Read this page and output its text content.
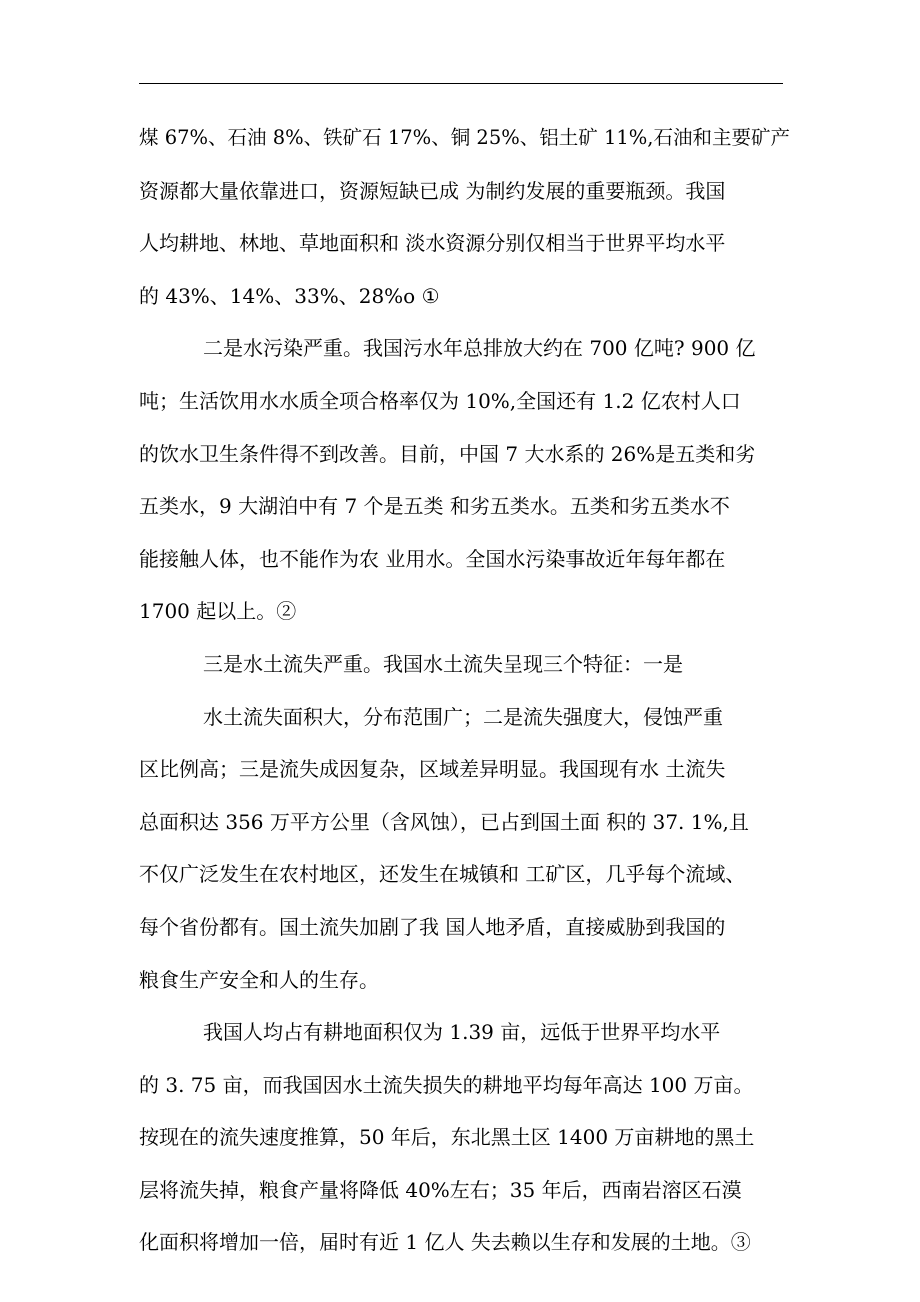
煤 67%、石油 8%、铁矿石 17%、铜 25%、铝土矿 11%,石油和主要矿产
资源都大量依靠进口，资源短缺已成 为制约发展的重要瓶颈。我国
人均耕地、林地、草地面积和 淡水资源分别仅相当于世界平均水平
的 43%、14%、33%、28%o ①
二是水污染严重。我国污水年总排放大约在 700 亿吨? 900 亿
吨；生活饮用水水质全项合格率仅为 10%,全国还有 1.2 亿农村人口
的饮水卫生条件得不到改善。目前，中国 7 大水系的 26%是五类和劣
五类水，9 大湖泊中有 7 个是五类 和劣五类水。五类和劣五类水不
能接触人体，也不能作为农 业用水。全国水污染事故近年每年都在
1700 起以上。②
三是水土流失严重。我国水土流失呈现三个特征：一是
水土流失面积大，分布范围广；二是流失强度大，侵蚀严重
区比例高；三是流失成因复杂，区域差异明显。我国现有水 土流失
总面积达 356 万平方公里（含风蚀），已占到国土面 积的 37. 1%,且
不仅广泛发生在农村地区，还发生在城镇和 工矿区，几乎每个流域、
每个省份都有。国土流失加剧了我 国人地矛盾，直接威胁到我国的
粮食生产安全和人的生存。
我国人均占有耕地面积仅为 1.39 亩，远低于世界平均水平
的 3. 75 亩，而我国因水土流失损失的耕地平均每年高达 100 万亩。
按现在的流失速度推算，50 年后，东北黑土区 1400 万亩耕地的黑土
层将流失掉，粮食产量将降低 40%左右；35 年后，西南岩溶区石漠
化面积将增加一倍，届时有近 1 亿人 失去赖以生存和发展的土地。③
